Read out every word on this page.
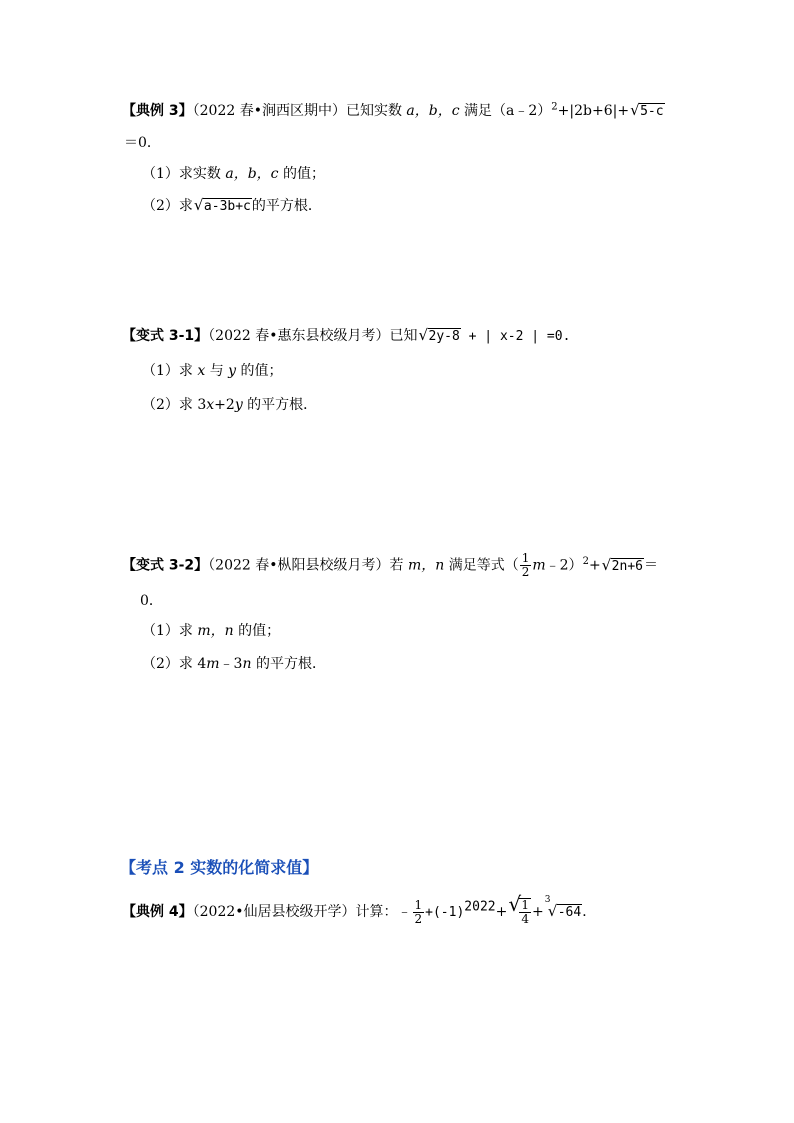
【典例 3】（2022 春•涧西区期中）已知实数 a，b，c 满足（a﹣2）$^2$+|2b+6|+ √ 5-c
＝0．
（1）求实数 a，b，c 的值；
（2）求 √ a-3b+c的平方根．
【变式 3-1】（2022 春•惠东县校级月考）已知 √ 2y-8 + | x-2 | =0.
（1）求 x 与 y 的值；
（2）求 3x+2y 的平方根．
【变式 3-2】（2022 春•枞阳县校级月考）若 m，n 满足等式（ $\frac{1}{2}$ m﹣2）$^2$+ √ 2n+6＝
0．
（1）求 m，n 的值；
（2）求 4m﹣3n 的平方根．
【考点 2 实数的化简求值】
【典例 4】（2022•仙居县校级开学）计算：﹣ $\frac{1}{2} +(-1)2022+$ √
$\frac{1}{4}$ +
3
√ -64．
